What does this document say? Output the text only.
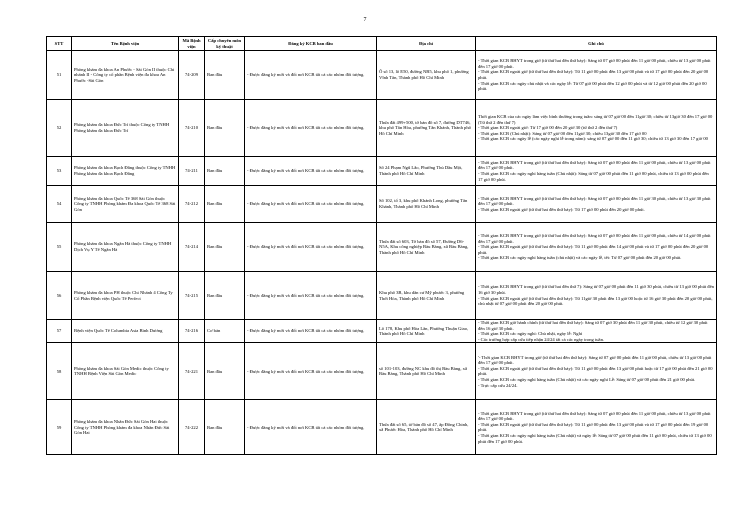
7
STT	Tên Bệnh viện	Mã Bệnh viện	Cấp chuyên môn kỹ thuật	Đăng ký KCB ban đầu	Địa chỉ	Ghi chú
51	Phòng khám đa khoa An Phước - Sài Gòn II thuộc Chi nhánh II - Công ty cổ phần Bệnh viện đa khoa An Phước -Sài Gòn	74-209	Ban đầu	- Được đăng ký mới và đổi nơi KCB tất cả các nhóm đối tượng.	Ô số 13, lô E50, đường NB5, khu phố 1, phường Vĩnh Tân, Thành phố Hồ Chí Minh	- Thời gian KCB BHYT trong giờ (từ thứ hai đến thứ bảy): Sáng từ 07 giờ 00 phút đến 11 giờ 00 phút, chiều từ 13 giờ 00 phút đến 17 giờ 00 phút.

- Thời gian KCB ngoài giờ (từ thứ hai đến thứ bảy): Từ 11 giờ 00 phút đến 13 giờ 00 phút và từ 17 giờ 00 phút đến 20 giờ 00 phút.

- Thời gian KCB các ngày chủ nhật và các ngày lễ: Từ 07 giờ 00 phút đến 12 giờ 00 phút và từ 12 giờ 00 phút đến 20 giờ 00 phút.

52	Phòng khám đa khoa Đức Trí thuộc Công ty TNHH Phòng khám đa khoa Đức Trí	74-210	Ban đầu	- Được đăng ký mới và đổi nơi KCB tất cả các nhóm đối tượng.	Thửa đất 499+500, tờ bản đồ số 7, đường DT746, khu phố Tân Hòa, phường Tân Khánh, Thành phố Hồ Chí Minh	Thời gian KCB của các ngày làm việc bình thường trong tuần: sáng từ 07 giờ 00 đến 11giờ 30; chiều từ 13giờ 30 đến 17 giờ 00 (Từ thứ 2 đến thứ 7)

- Thời gian KCB ngoài giờ: Từ 17 giờ 00 đến 20 giờ 30 (từ thứ 2 đến thứ 7)

- Thời gian KCB (Chủ nhật): Sáng từ 07 giờ 00 đến 11giờ 30; chiều 13giờ 30 đến 17 giờ 00

- Thời gian KCB các ngày lễ (các ngày nghỉ lễ trong năm): sáng từ 07 giờ 00 đến 11 giờ 30; chiều từ 13 giờ 30 đến 17 giờ 00

53	Phòng khám đa khoa Bạch Đằng thuộc Công ty TNHH Phòng khám đa khoa Bạch Đằng	74-211	Ban đầu	- Được đăng ký mới và đổi nơi KCB tất cả các nhóm đối tượng.	Số 24 Phạm Ngũ Lão, Phường Thủ Dầu Một, Thành phố Hồ Chí Minh	- Thời gian KCB BHYT trong giờ (từ thứ hai đến thứ bảy): Sáng từ 07 giờ 00 phút đến 11 giờ 00 phút, chiều từ 13 giờ 00 phút đến 17 giờ 00 phút.

- Thời gian KCB các ngày nghỉ hàng tuần (Chủ nhật): Sáng từ 07 giờ 00 phút đến 11 giờ 00 phút, chiều từ 13 giờ 00 phút đến 17 giờ 00 phút.

54	Phòng khám đa khoa Quốc Tế 368 Sài Gòn thuộc Công ty TNHH Phòng khám Đa khoa Quốc Tế 368 Sài Gòn	74-212	Ban đầu	- Được đăng ký mới và đổi nơi KCB tất cả các nhóm đối tượng.	Số 102, tổ 3, khu phố Khánh Long, phường Tân Khánh, Thành phố Hồ Chí Minh	- Thời gian KCB BHYT trong giờ (từ thứ hai đến thứ bảy): Sáng từ 07 giờ 00 phút đến 11 giờ 30 phút, chiều từ 13 giờ 30 phút đến 17 giờ 00 phút.

- Thời gian KCB ngoài giờ (từ thứ hai đến thứ bảy): Từ 17 giờ 00 phút đến 20 giờ 00 phút.

55	Phòng khám đa khoa Ngân Hà thuộc Công ty TNHH Dịch Vụ Y Tế Ngân Hà	74-214	Ban đầu	- Được đăng ký mới và đổi nơi KCB tất cả các nhóm đối tượng.	Thửa đất số 603, Tờ bản đồ số 57, Đường D6-N5A, Khu công nghiệp Bàu Bàng, xã Bàu Bàng, Thành phố Hồ Chí Minh	- Thời gian KCB BHYT trong giờ (từ thứ hai đến thứ bảy): Sáng từ 07 giờ 00 phút đến 11 giờ 00 phút, chiều từ 14 giờ 00 phút đến 17 giờ 00 phút.

- Thời gian KCB ngoài giờ (từ thứ hai đến thứ bảy): Từ 11 giờ 00 phút đến 14 giờ 00 phút và từ 17 giờ 00 phút đến 20 giờ 00 phút.

- Thời gian KCB các ngày nghỉ hàng tuần (chủ nhật) và các ngày lễ, tết: Từ 07 giờ 00 phút đến 20 giờ 00 phút.

56	Phòng khám đa khoa PH thuộc Chi Nhánh 4 Công Ty Cổ Phần Bệnh viện Quốc Tế Perfect	74-215	Ban đầu	- Được đăng ký mới và đổi nơi KCB tất cả các nhóm đối tượng.	Khu phố 3B, khu dân cư Mỹ phước 3, phường Thới Hòa, Thành phố Hồ Chí Minh	- Thời gian KCB BHYT trong giờ (từ thứ hai đến thứ 7): Sáng từ 07 giờ 00 phút đến 11 giờ 30 phút, chiều từ 13 giờ 00 phút đến 16 giờ 30 phút.

- Thời gian KCB ngoài giờ (từ thứ hai đến thứ bảy): Từ 11giờ 30 phút đến 13 giờ 00 hoặc từ 16 giờ 30 phút đến 20 giờ 00 phút, chủ nhật từ 07 giờ 00 phút đến 20 giờ 00 phút.

57	Bệnh viện Quốc Tế Columbia Asia Bình Dương	74-216	Cơ bản	- Được đăng ký mới và đổi nơi KCB tất cả các nhóm đối tượng.	Lô 178, Khu phố Hòa Lân, Phường Thuận Giao, Thành phố Hồ Chí Minh	- Thời gian KCB giờ hành chính (từ thứ hai đến thứ bảy): Sáng từ 07 giờ 30 phút đến 11 giờ 30 phút, chiều từ 12 giờ 30 phút đến 16 giờ 30 phút.

- Thời gian KCB các ngày nghỉ: Chủ nhật, ngày lễ: Nghỉ

- Các trường hợp cấp cứu tiếp nhận 24/24 tất cả các ngày trong tuần.

58	Phòng khám đa khoa Sài Gòn Medic thuộc Công ty TNHH Bệnh Viện Sài Gòn Medic	74-221	Ban đầu	- Được đăng ký mới và đổi nơi KCB tất cả các nhóm đối tượng.	số 101-103, đường NC khu đô thị Bàu Bàng, xã Bàu Bàng, Thành phố Hồ Chí Minh	'- Thời gian KCB BHYT trong giờ (từ thứ hai đến thứ bảy): Sáng từ 07 giờ 00 phút đến 11 giờ 00 phút, chiều từ 13 giờ 00 phút đến 17 giờ 00 phút.

- Thời gian KCB ngoài giờ (từ thứ hai đến thứ bảy): Từ 11 giờ 00 phút đến 13 giờ 00 phút hoặc từ 17 giờ 00 phút đến 21 giờ 00 phút.

- Thời gian KCB các ngày nghỉ hàng tuần (Chủ nhật) và các ngày nghỉ Lễ: Sáng từ 07 giờ 00 phút đến 21 giờ 00 phút.

- Trực cấp cứu 24/24.

59	Phòng khám đa khoa Nhân Đức Sài Gòn Hai thuộc Công ty TNHH Phòng khám đa khoa Nhân Đức Sài Gòn Hai	74-222	Ban đầu	- Được đăng ký mới và đổi nơi KCB tất cả các nhóm đối tượng.	Thửa đất số 65, tờ bản đồ số 47, ấp Đồng Chinh, xã Phước Hòa, Thành phố Hồ Chí Minh	- Thời gian KCB BHYT trong giờ (từ thứ hai đến thứ bảy): Sáng từ 07 giờ 00 phút đến 11 giờ 00 phút, chiều từ 13 giờ 00 phút đến 17 giờ 00 phút.

- Thời gian KCB ngoài giờ (từ thứ hai đến thứ bảy): Từ 11 giờ 00 phút đến 13 giờ 00 phút và từ 17 giờ 00 phút đến 19 giờ 00 phút.

- Thời gian KCB các ngày nghỉ hàng tuần (Chủ nhật) và ngày lễ: Sáng từ 07 giờ 00 phút đến 11 giờ 00 phút, chiều từ 13 giờ 00 phút đến 17 giờ 00 phút.
